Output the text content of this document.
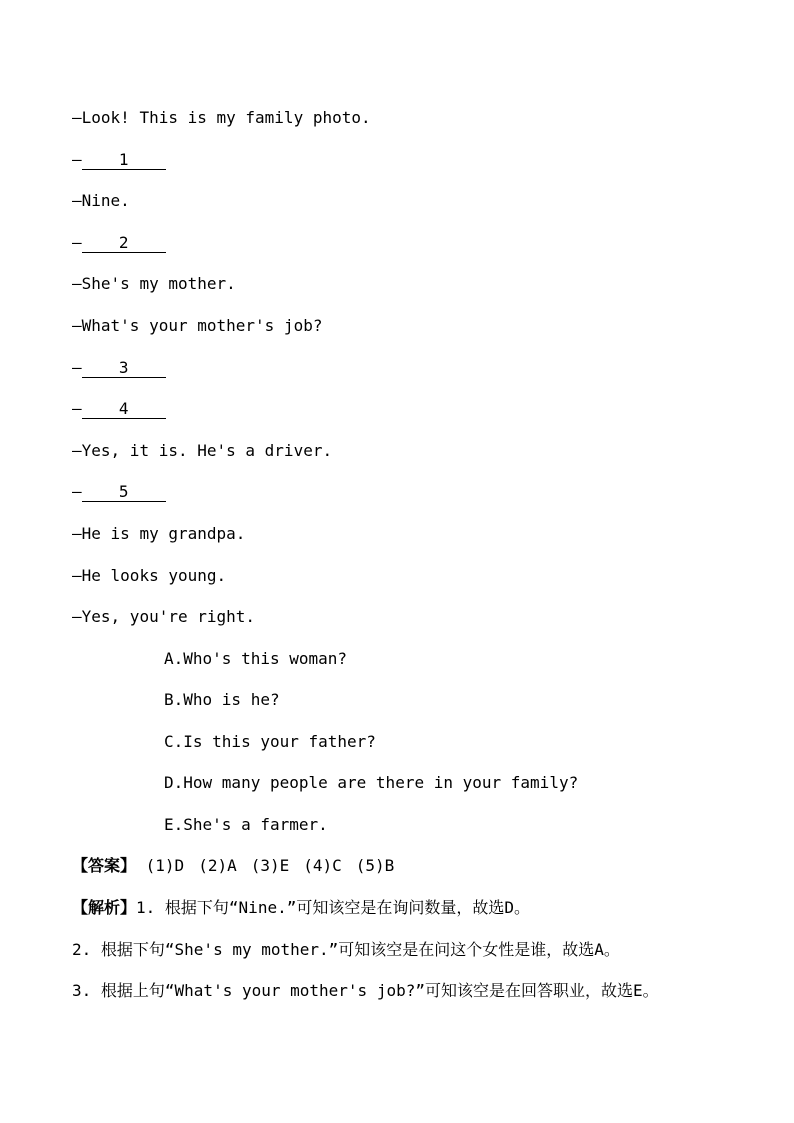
—Look! This is my family photo.
— 1
—Nine.
— 2
—She's my mother.
—What's your mother's job?
— 3
— 4
—Yes, it is. He's a driver.
— 5
—He is my grandpa.
—He looks young.
—Yes, you're right.
A.Who's this woman?
B.Who is he?
C.Is this your father?
D.How many people are there in your family?
E.She's a farmer.
【答案】 (1)D (2)A (3)E (4)C (5)B
【解析】1. 根据下句“Nine.”可知该空是在询问数量，故选D。
2. 根据下句“She's my mother.”可知该空是在问这个女性是谁，故选A。
3. 根据上句“What's your mother's job?”可知该空是在回答职业，故选E。
